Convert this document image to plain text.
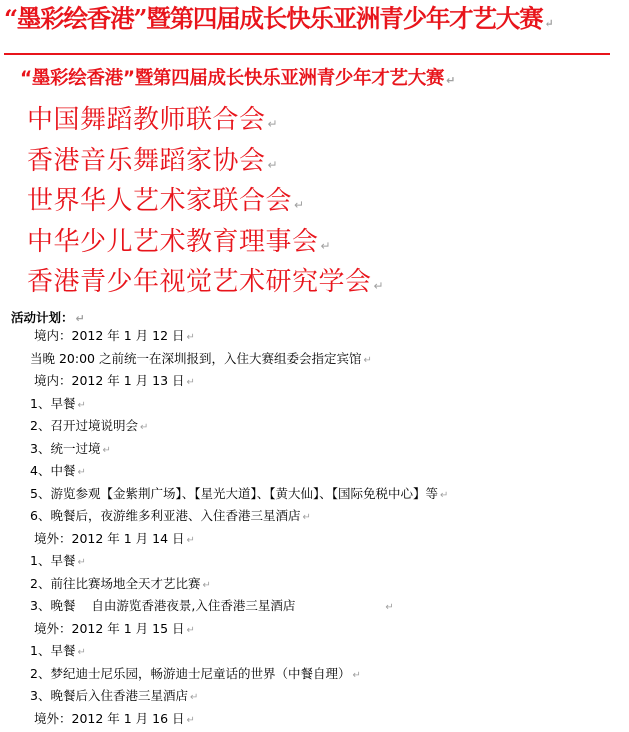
“墨彩绘香港”暨第四届成长快乐亚洲青少年才艺大赛 ↵
“墨彩绘香港”暨第四届成长快乐亚洲青少年才艺大赛 ↵
中国舞蹈教师联合会 ↵
香港音乐舞蹈家协会 ↵
世界华人艺术家联合会 ↵
中华少儿艺术教育理事会 ↵
香港青少年视觉艺术研究学会 ↵
活动计划： ↵
境内：2012 年 1 月 12 日 ↵
当晚 20:00 之前统一在深圳报到，入住大赛组委会指定宾馆 ↵
境内：2012 年 1 月 13 日 ↵
1、早餐 ↵
2、召开过境说明会 ↵
3、统一过境 ↵
4、中餐 ↵
5、游览参观【金紫荆广场】、【星光大道】、【黄大仙】、【国际免税中心】等 ↵
6、晚餐后，夜游维多利亚港、入住香港三星酒店 ↵
境外：2012 年 1 月 14 日 ↵
1、早餐 ↵
2、前往比赛场地全天才艺比赛 ↵
3、晚餐    自由游览香港夜景,入住香港三星酒店	↵
境外：2012 年 1 月 15 日 ↵
1、早餐 ↵
2、梦纪迪士尼乐园，畅游迪士尼童话的世界（中餐自理） ↵
3、晚餐后入住香港三星酒店 ↵
境外：2012 年 1 月 16 日 ↵
